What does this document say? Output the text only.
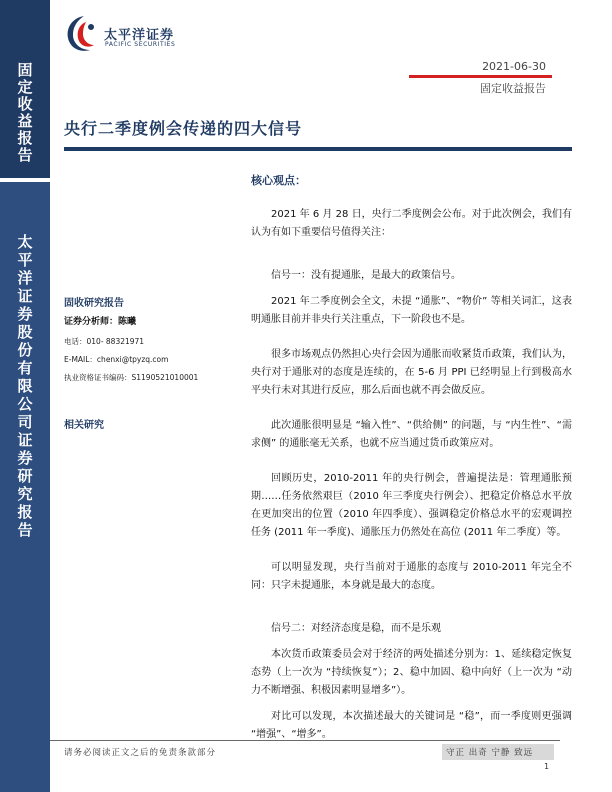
固定收益报告
太平洋证券股份有限公司证券研究报告
太平洋证券
PACIFIC SECURITIES
2021-06-30
固定收益报告
央行二季度例会传递的四大信号
固收研究报告
证券分析师：陈曦
电话：010- 88321971
E-MAIL：chenxi@tpyzq.com
执业资格证书编码：S1190521010001
相关研究
核心观点：

2021 年 6 月 28 日，央行二季度例会公布。对于此次例会，我们有认为有如下重要信号值得关注：

信号一：没有提通胀，是最大的政策信号。

2021 年二季度例会全文，未提 “通胀”、“物价” 等相关词汇，这表明通胀目前并非央行关注重点，下一阶段也不是。

很多市场观点仍然担心央行会因为通胀而收紧货币政策，我们认为，央行对于通胀对的态度是连续的，在 5-6 月 PPI 已经明显上行到极高水平央行未对其进行反应，那么后面也就不再会做反应。

此次通胀很明显是 “输入性”、“供给侧” 的问题，与 “内生性”、“需求侧” 的通胀毫无关系，也就不应当通过货币政策应对。

回顾历史，2010-2011 年的央行例会，普遍提法是：管理通胀预期……任务依然艰巨（2010 年三季度央行例会）、把稳定价格总水平放在更加突出的位置（2010 年四季度）、强调稳定价格总水平的宏观调控任务 (2011 年一季度)、通胀压力仍然处在高位 (2011 年二季度）等。

可以明显发现，央行当前对于通胀的态度与 2010-2011 年完全不同：只字未提通胀，本身就是最大的态度。

信号二：对经济态度是稳，而不是乐观

本次货币政策委员会对于经济的两处描述分别为：1、延续稳定恢复态势（上一次为 “持续恢复”）；2、稳中加固、稳中向好（上一次为 “动力不断增强、积极因素明显增多”）。

对比可以发现，本次描述最大的关键词是 “稳”，而一季度则更强调 “增强”、“增多”。

请务必阅读正文之后的免责条款部分	守正 出奇 宁静 致远
1
